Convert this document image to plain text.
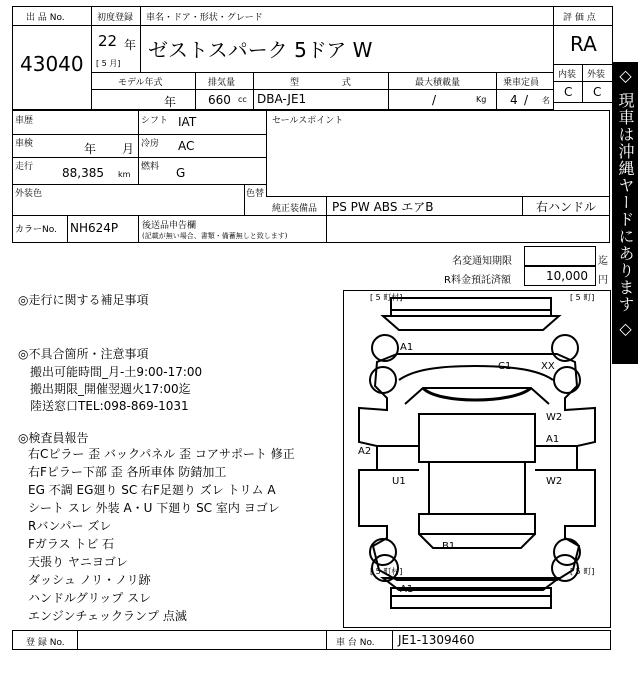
出 品 No.
43040
初度登録 車名・ドア・形状・グレード
22 年
[ 5 月]
ゼストスパーク 5ドア W
評 価 点
RA
内装 外装
C C
モデル年式	排気量	型 式	最大積載量	乗車定員
年	660 cc DBA-JE1	/	Kg 4 / 名
車歴	シフト IAT	セールスポイント
車検	年 月 冷房 AC
走行 88,385 km
燃料 G
外装色	色替
純正装備品 PS PW ABS エアB	右ハンドル
カラーNo. NH624P	後送品申告欄
(記載が無い場合、書類・備蓄無しと致します)
名変通知期限	迄
R料金預託済額	10,000 円 ◇ 現車は沖縄ヤードにあります ◇
◎走行に関する補足事項
◎不具合箇所・注意事項
搬出可能時間_月-土9:00-17:00
搬出期限_開催翌週火17:00迄
陸送窓口TEL:098-869-1031
◎検査員報告
右Cピラー 歪 バックパネル 歪 コアサポート 修正
右Fピラー下部 歪 各所車体 防錆加工
EG 不調 EG廻り SC 右F足廻り ズレ トリム A
シート スレ 外装 A・U 下廻り SC 室内 ヨゴレ
Rバンパー ズレ
Fガラス トビ 石
天張り ヤニヨゴレ
ダッシュ ノリ・ノリ跡
ハンドルグリップ スレ
エンジンチェックランプ 点滅
[ 5 町村]	[ 5 町]
[ 5 町村]	[ 5 町]
A1
C1	XX
W2
A1
A2
U1	W2
B1
A1
登 録 No.	車 台 No. JE1-1309460
